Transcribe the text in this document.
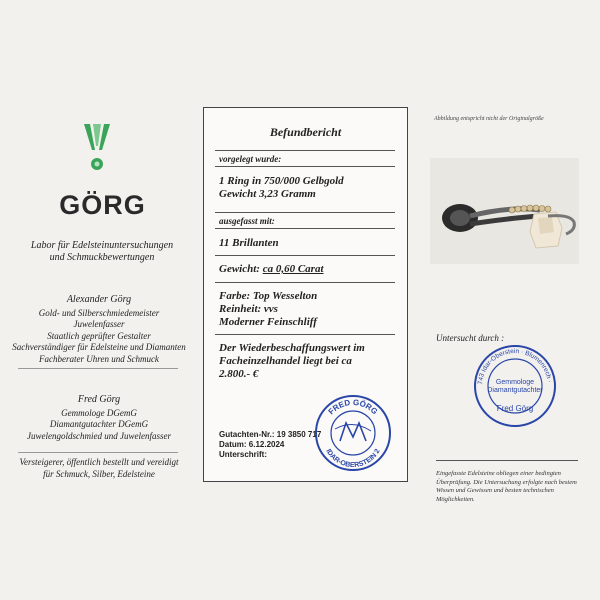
GÖRG
Labor für Edelsteinuntersuchungen
und Schmuckbewertungen
Alexander Görg
Gold- und Silberschmiedemeister
Juwelenfasser
Staatlich geprüfter Gestalter
Sachverständiger für Edelsteine und Diamanten
Fachberater Uhren und Schmuck
Fred Görg
Gemmologe DGemG
Diamantgutachter DGemG
Juwelengoldschmied und Juwelenfasser
Versteigerer, öffentlich bestellt und vereidigt
für Schmuck, Silber, Edelsteine
Befundbericht
vorgelegt wurde:
1 Ring in 750/000 Gelbgold
Gewicht 3,23 Gramm
ausgefasst mit:
11 Brillanten
Gewicht: ca 0,60 Carat
Farbe: Top Wesselton
Reinheit: vvs
Moderner Feinschliff
Der Wiederbeschaffungswert im
Facheinzelhandel liegt bei ca
2.800.- €
Gutachten-Nr.: 19 3850 717
Datum: 6.12.2024
Unterschrift:
FRED GÖRG
IDAR-OBERSTEIN 2
Abbildung entspricht nicht der Originalgröße
Untersucht durch :
743 Idar-Oberstein · Blumenrech ·
Gemmologe
Diamantgutachter
Fred Görg
Eingefasste Edelsteine obliegen einer bedingten Überprüfung. Die Untersuchung erfolgte nach bestem Wissen und Gewissen und besten technischen Möglichkeiten.
